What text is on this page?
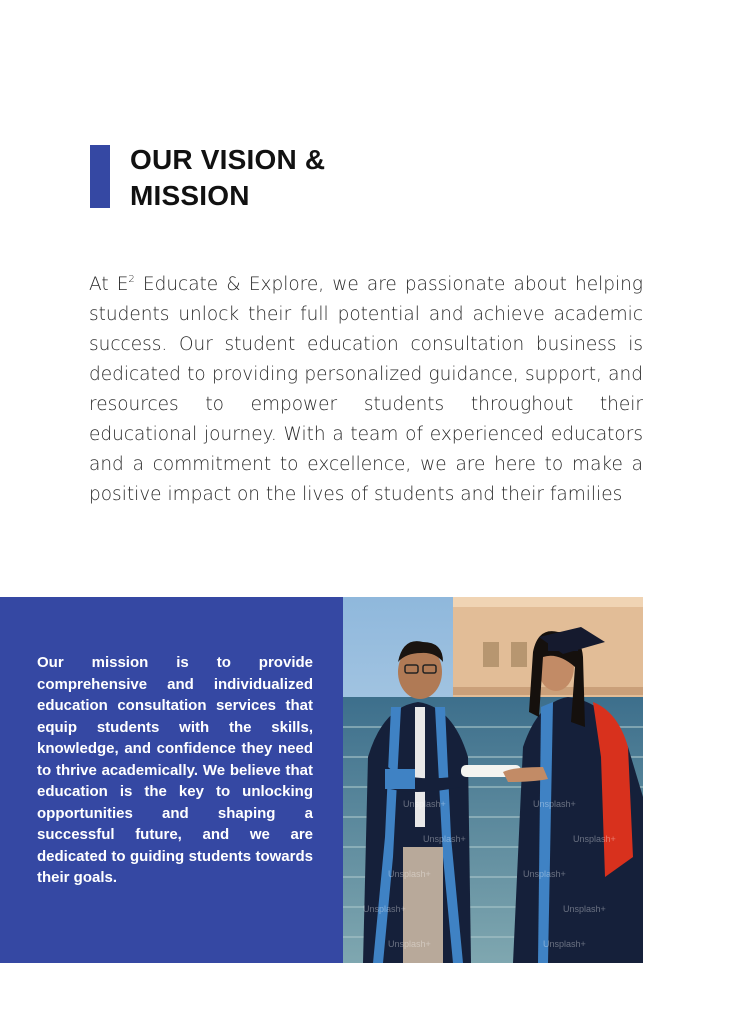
OUR VISION &
MISSION

At $E^2$ Educate & Explore, we are passionate about helping students unlock their full potential and achieve academic success. Our student education consultation business is dedicated to providing personalized guidance, support, and resources to empower students throughout their educational journey. With a team of experienced educators and a commitment to excellence, we are here to make a positive impact on the lives of students and their families

Our mission is to provide comprehensive and individualized education consultation services that equip students with the skills, knowledge, and confidence they need to thrive academically. We believe that education is the key to unlocking opportunities and shaping a successful future, and we are dedicated to guiding students towards their goals.

Unsplash+	Unsplash+
Unsplash+	Unsplash+
Unsplash+	Unsplash+
Unsplash+	Unsplash+
Unsplash+	Unsplash+
